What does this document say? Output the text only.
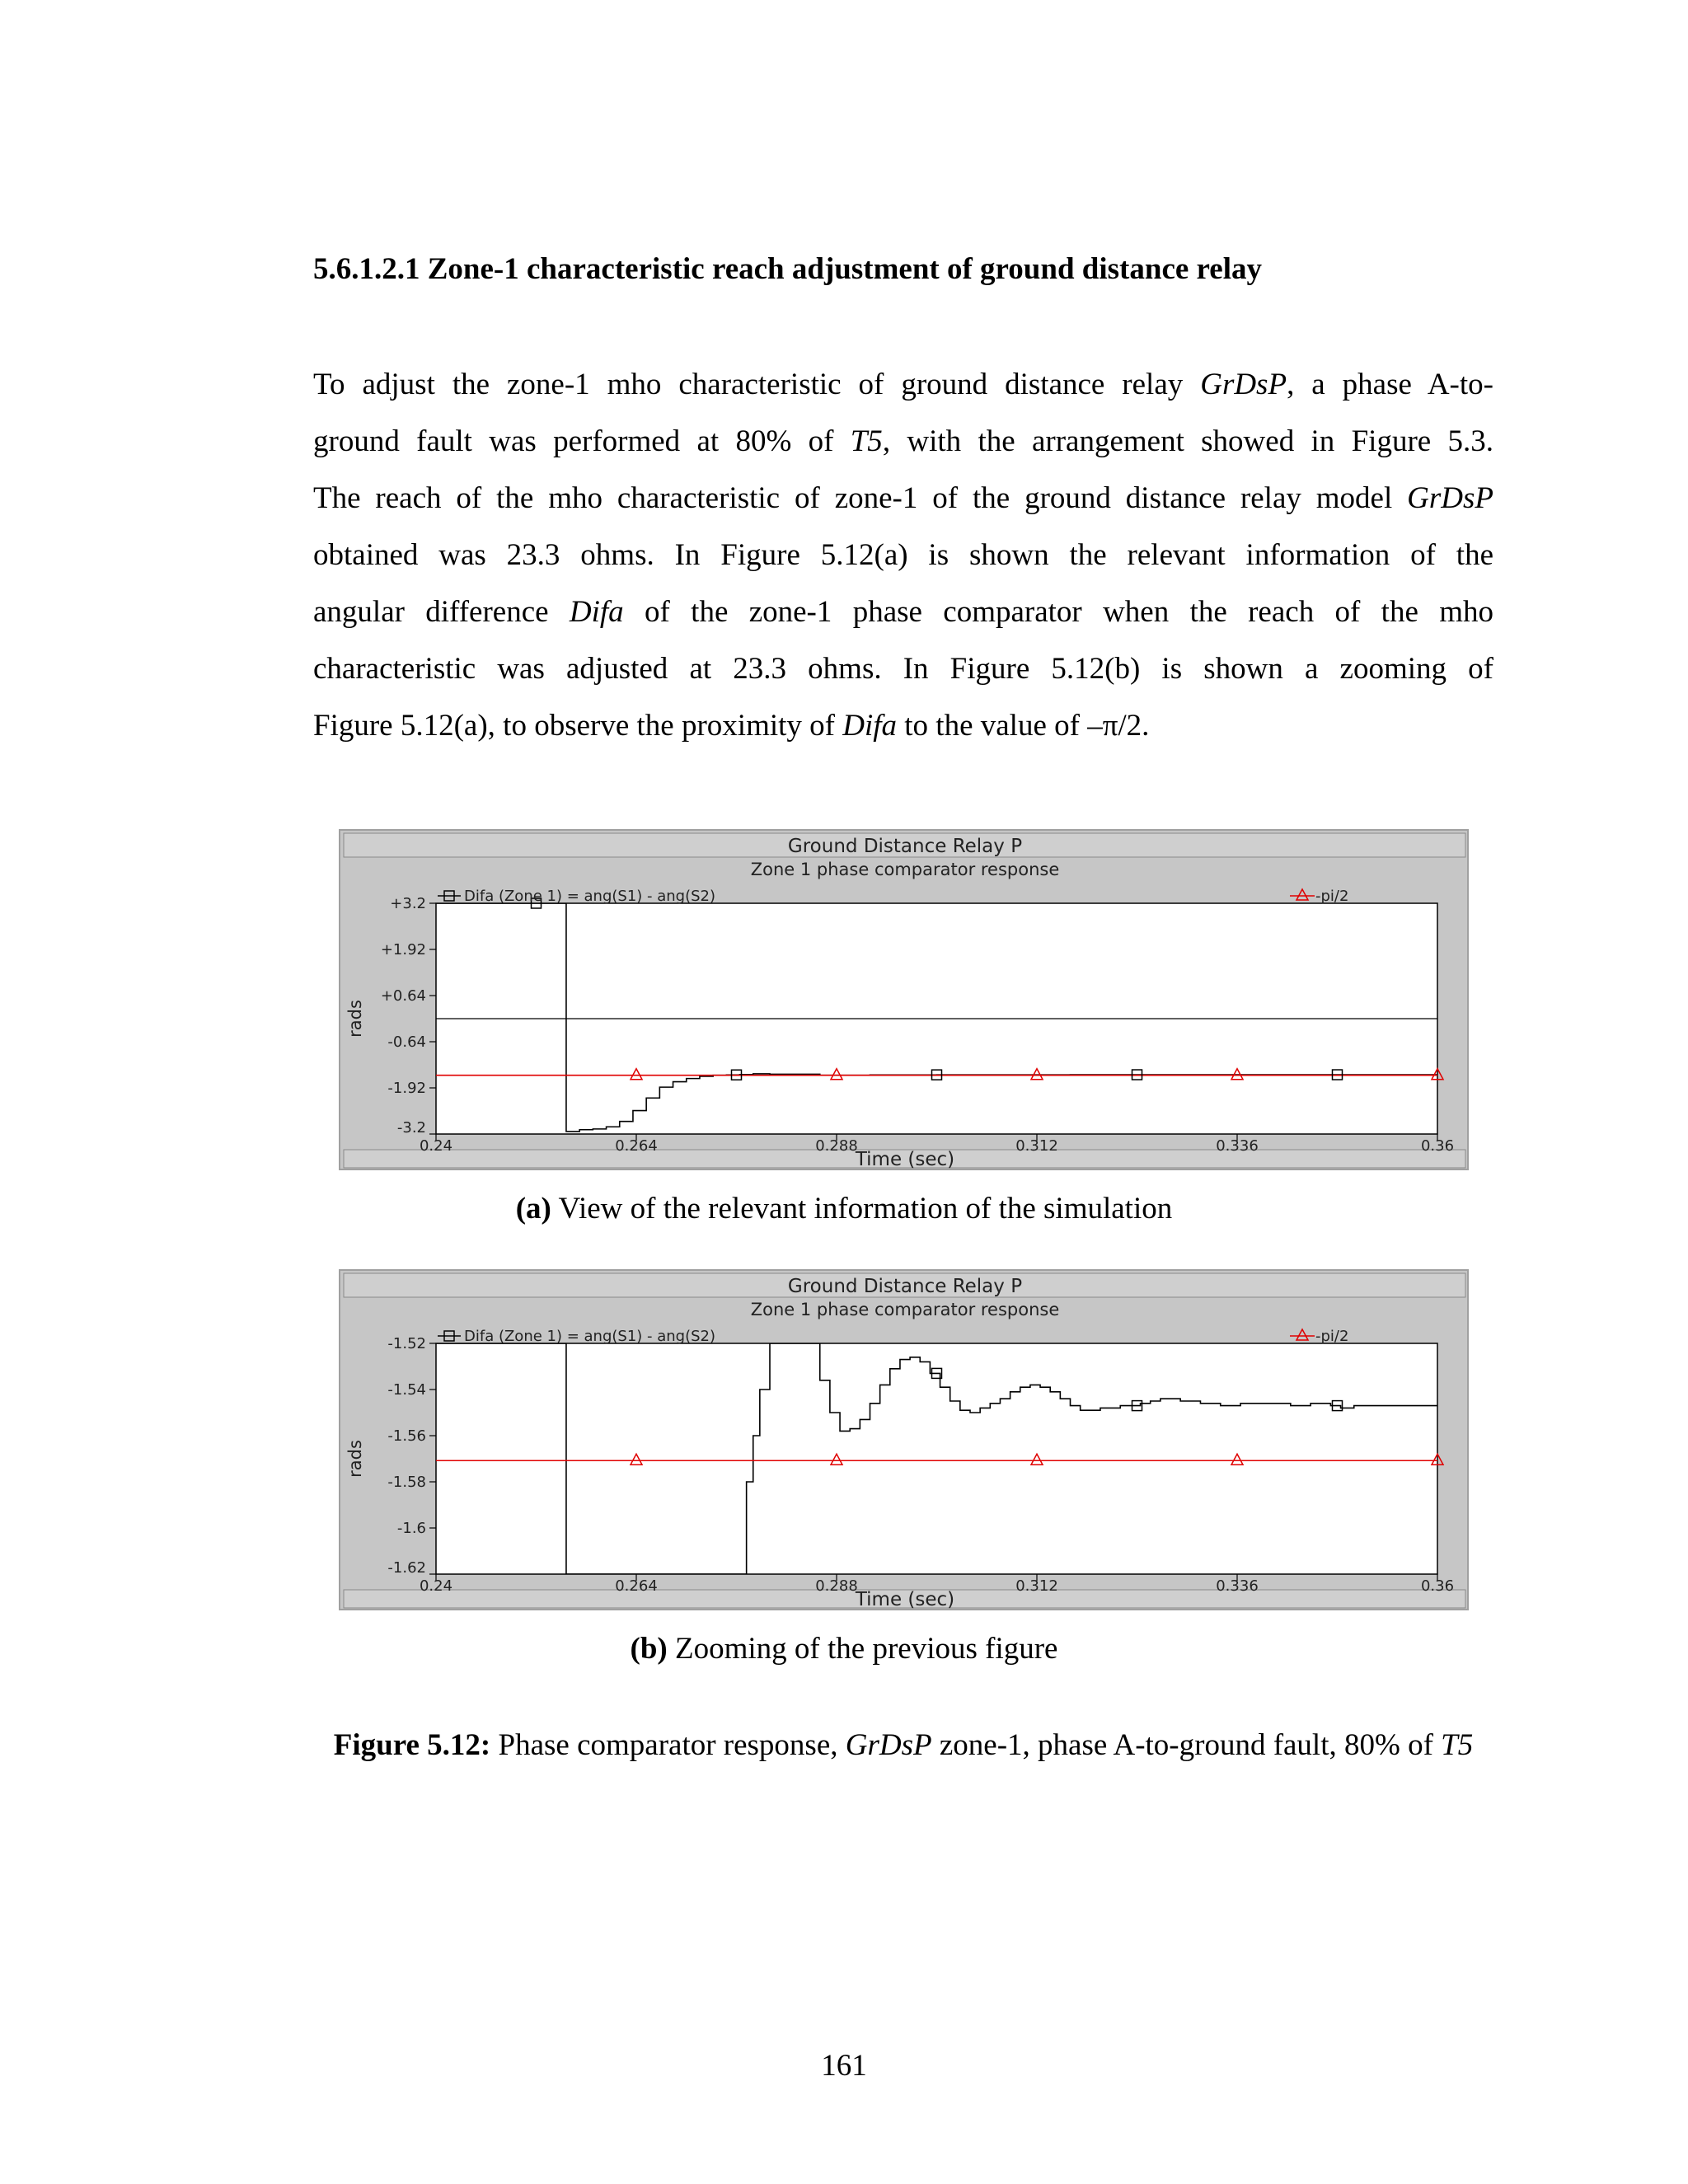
5.6.1.2.1 Zone-1 characteristic reach adjustment of ground distance relay

To adjust the zone-1 mho characteristic of ground distance relay GrDsP, a phase A-to-
ground fault was performed at 80% of T5, with the arrangement showed in Figure 5.3.
The reach of the mho characteristic of zone-1 of the ground distance relay model GrDsP
obtained was 23.3 ohms. In Figure 5.12(a) is shown the relevant information of the
angular difference Difa of the zone-1 phase comparator when the reach of the mho
characteristic was adjusted at 23.3 ohms. In Figure 5.12(b) is shown a zooming of
Figure 5.12(a), to observe the proximity of Difa to the value of –π/2.

Ground Distance Relay P
Zone 1 phase comparator response
Time (sec)
rads
0.24	0.264	0.288	0.312	0.336	0.36
+3.2
+1.92
+0.64
-0.64
-1.92
-3.2
Difa (Zone 1) = ang(S1) - ang(S2)	-pi/2

(a) View of the relevant information of the simulation

Ground Distance Relay P
Zone 1 phase comparator response
Time (sec)
rads
0.24	0.264	0.288	0.312	0.336	0.36
-1.52
-1.54
-1.56
-1.58
-1.6
-1.62
Difa (Zone 1) = ang(S1) - ang(S2)	-pi/2

(b) Zooming of the previous figure

Figure 5.12: Phase comparator response, GrDsP zone-1, phase A-to-ground fault, 80% of T5

161
